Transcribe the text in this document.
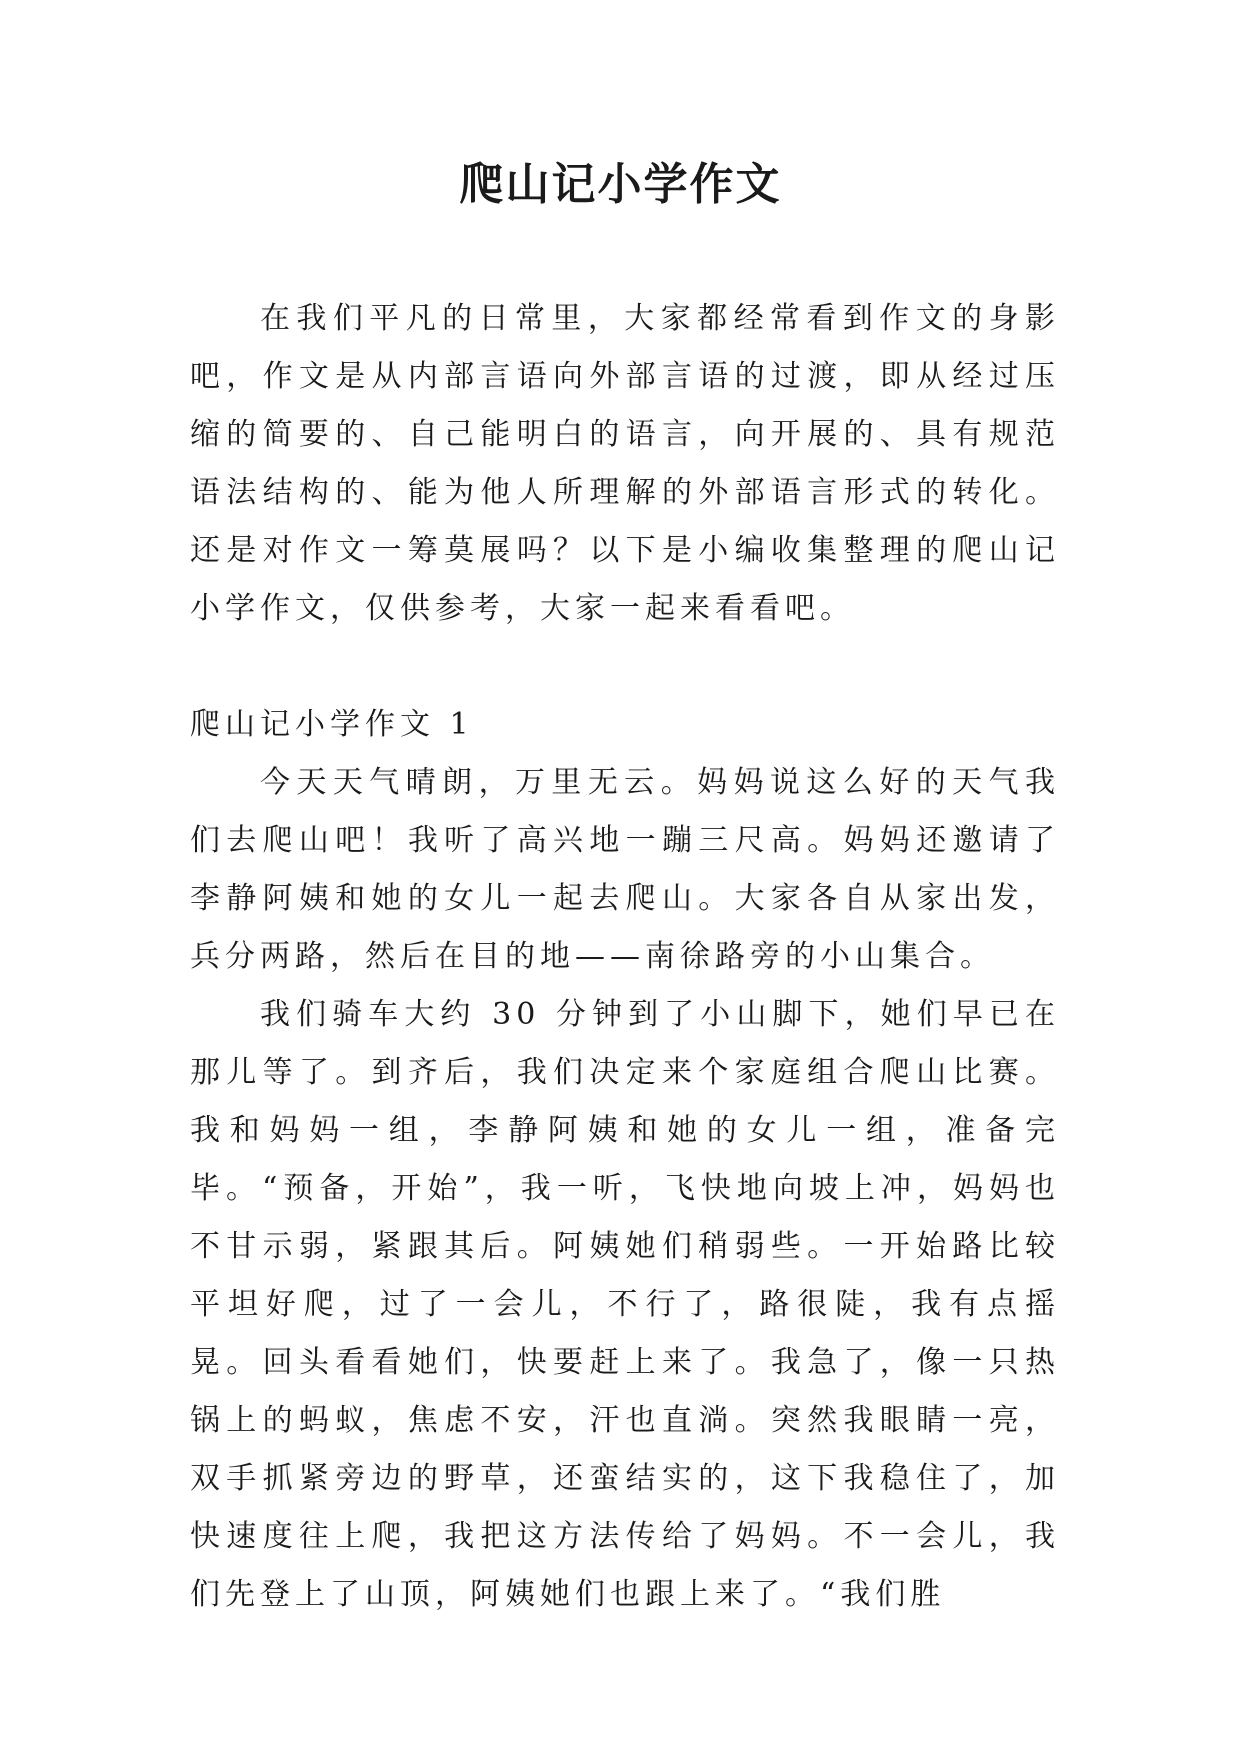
爬山记小学作文

在我们平凡的日常里，大家都经常看到作文的身影吧，作文是从内部言语向外部言语的过渡，即从经过压缩的简要的、自己能明白的语言，向开展的、具有规范语法结构的、能为他人所理解的外部语言形式的转化。还是对作文一筹莫展吗？以下是小编收集整理的爬山记小学作文，仅供参考，大家一起来看看吧。

爬山记小学作文 1

今天天气晴朗，万里无云。妈妈说这么好的天气我们去爬山吧！我听了高兴地一蹦三尺高。妈妈还邀请了李静阿姨和她的女儿一起去爬山。大家各自从家出发，兵分两路，然后在目的地——南徐路旁的小山集合。

我们骑车大约 30 分钟到了小山脚下，她们早已在那儿等了。到齐后，我们决定来个家庭组合爬山比赛。我和妈妈一组，李静阿姨和她的女儿一组，准备完毕。“预备，开始”，我一听，飞快地向坡上冲，妈妈也不甘示弱，紧跟其后。阿姨她们稍弱些。一开始路比较平坦好爬，过了一会儿，不行了，路很陡，我有点摇晃。回头看看她们，快要赶上来了。我急了，像一只热锅上的蚂蚁，焦虑不安，汗也直淌。突然我眼睛一亮，双手抓紧旁边的野草，还蛮结实的，这下我稳住了，加快速度往上爬，我把这方法传给了妈妈。不一会儿，我们先登上了山顶，阿姨她们也跟上来了。“我们胜
